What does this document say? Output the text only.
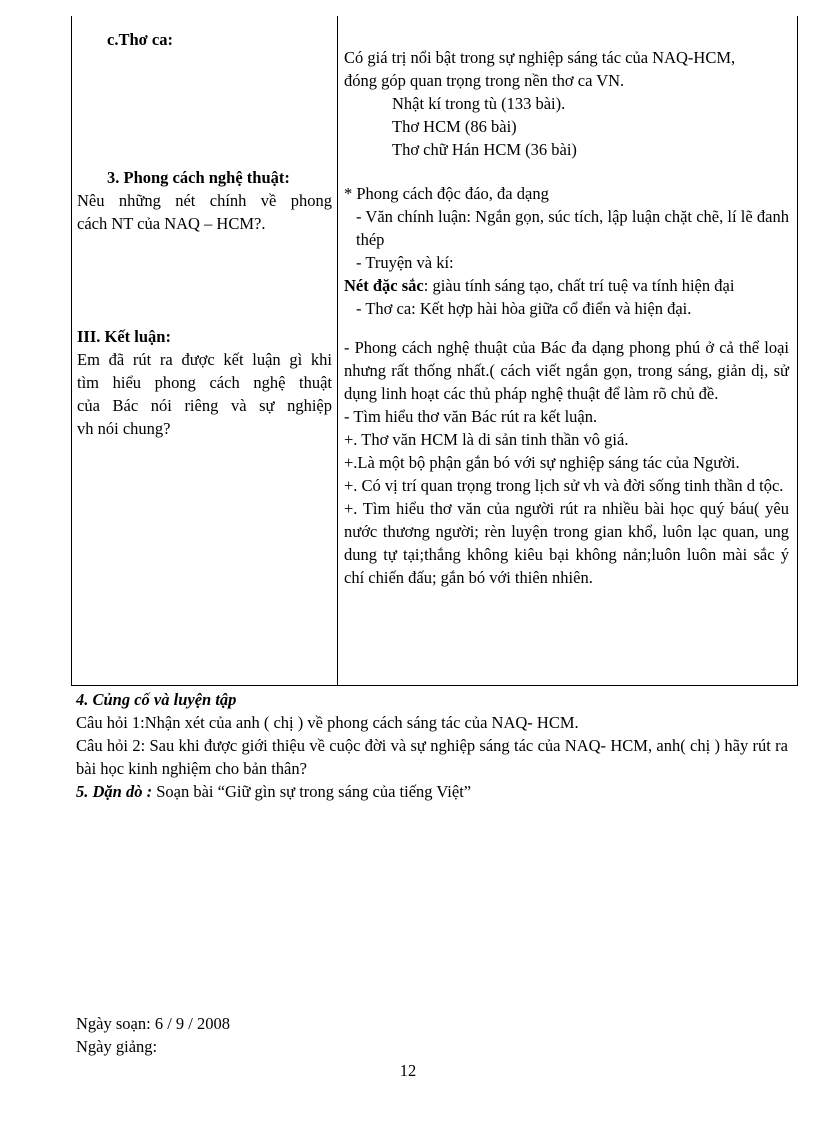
c.Thơ ca:
3. Phong cách nghệ thuật:
Nêu những nét chính về phong
cách NT của NAQ – HCM?.
III. Kết luận:
Em đã rút ra được kết luận gì khi
tìm hiểu phong cách nghệ thuật
của Bác nói riêng và sự nghiệp
vh nói chung?
Có giá trị nổi bật trong sự nghiệp sáng tác của NAQ-HCM,
đóng góp quan trọng trong nền thơ ca VN.
Nhật kí trong tù (133 bài).
Thơ HCM (86 bài)
Thơ chữ Hán HCM (36 bài)
* Phong cách độc đáo, đa dạng
- Văn chính luận: Ngắn gọn, súc tích, lập luận chặt chẽ, lí lẽ đanh thép
- Truyện và kí:
Nét đặc sắc: giàu tính sáng tạo, chất trí tuệ va tính hiện đại
- Thơ ca: Kết hợp hài hòa giữa cổ điển và hiện đại.
- Phong cách nghệ thuật của Bác đa dạng phong phú ở cả thể loại nhưng rất thống nhất.( cách viết ngắn gọn, trong sáng, giản dị, sử dụng linh hoạt các thủ pháp nghệ thuật để làm rõ chủ đề.
- Tìm hiểu thơ văn Bác rút ra kết luận.
+. Thơ văn HCM là di sản tinh thần vô giá.
+.Là một bộ phận gắn bó với sự nghiệp sáng tác của Người.
+. Có vị trí quan trọng trong lịch sử vh và đời sống tinh thần d tộc.
+. Tìm hiểu thơ văn của người rút ra nhiều bài học quý báu( yêu nước thương người; rèn luyện trong gian khổ, luôn lạc quan, ung dung tự tại;thắng không kiêu bại không nản;luôn luôn mài sắc ý chí chiến đấu; gắn bó với thiên nhiên.
4. Củng cố và luyện tập
Câu hỏi 1:Nhận xét của anh ( chị ) về phong cách sáng tác của NAQ- HCM.
Câu hỏi 2: Sau khi được giới thiệu về cuộc đời và sự nghiệp sáng tác của NAQ- HCM, anh( chị ) hãy rút ra bài học kinh nghiệm cho bản thân?
5. Dặn dò : Soạn bài “Giữ gìn sự trong sáng của tiếng Việt”
Ngày soạn: 6 / 9 / 2008
Ngày giảng:
12
